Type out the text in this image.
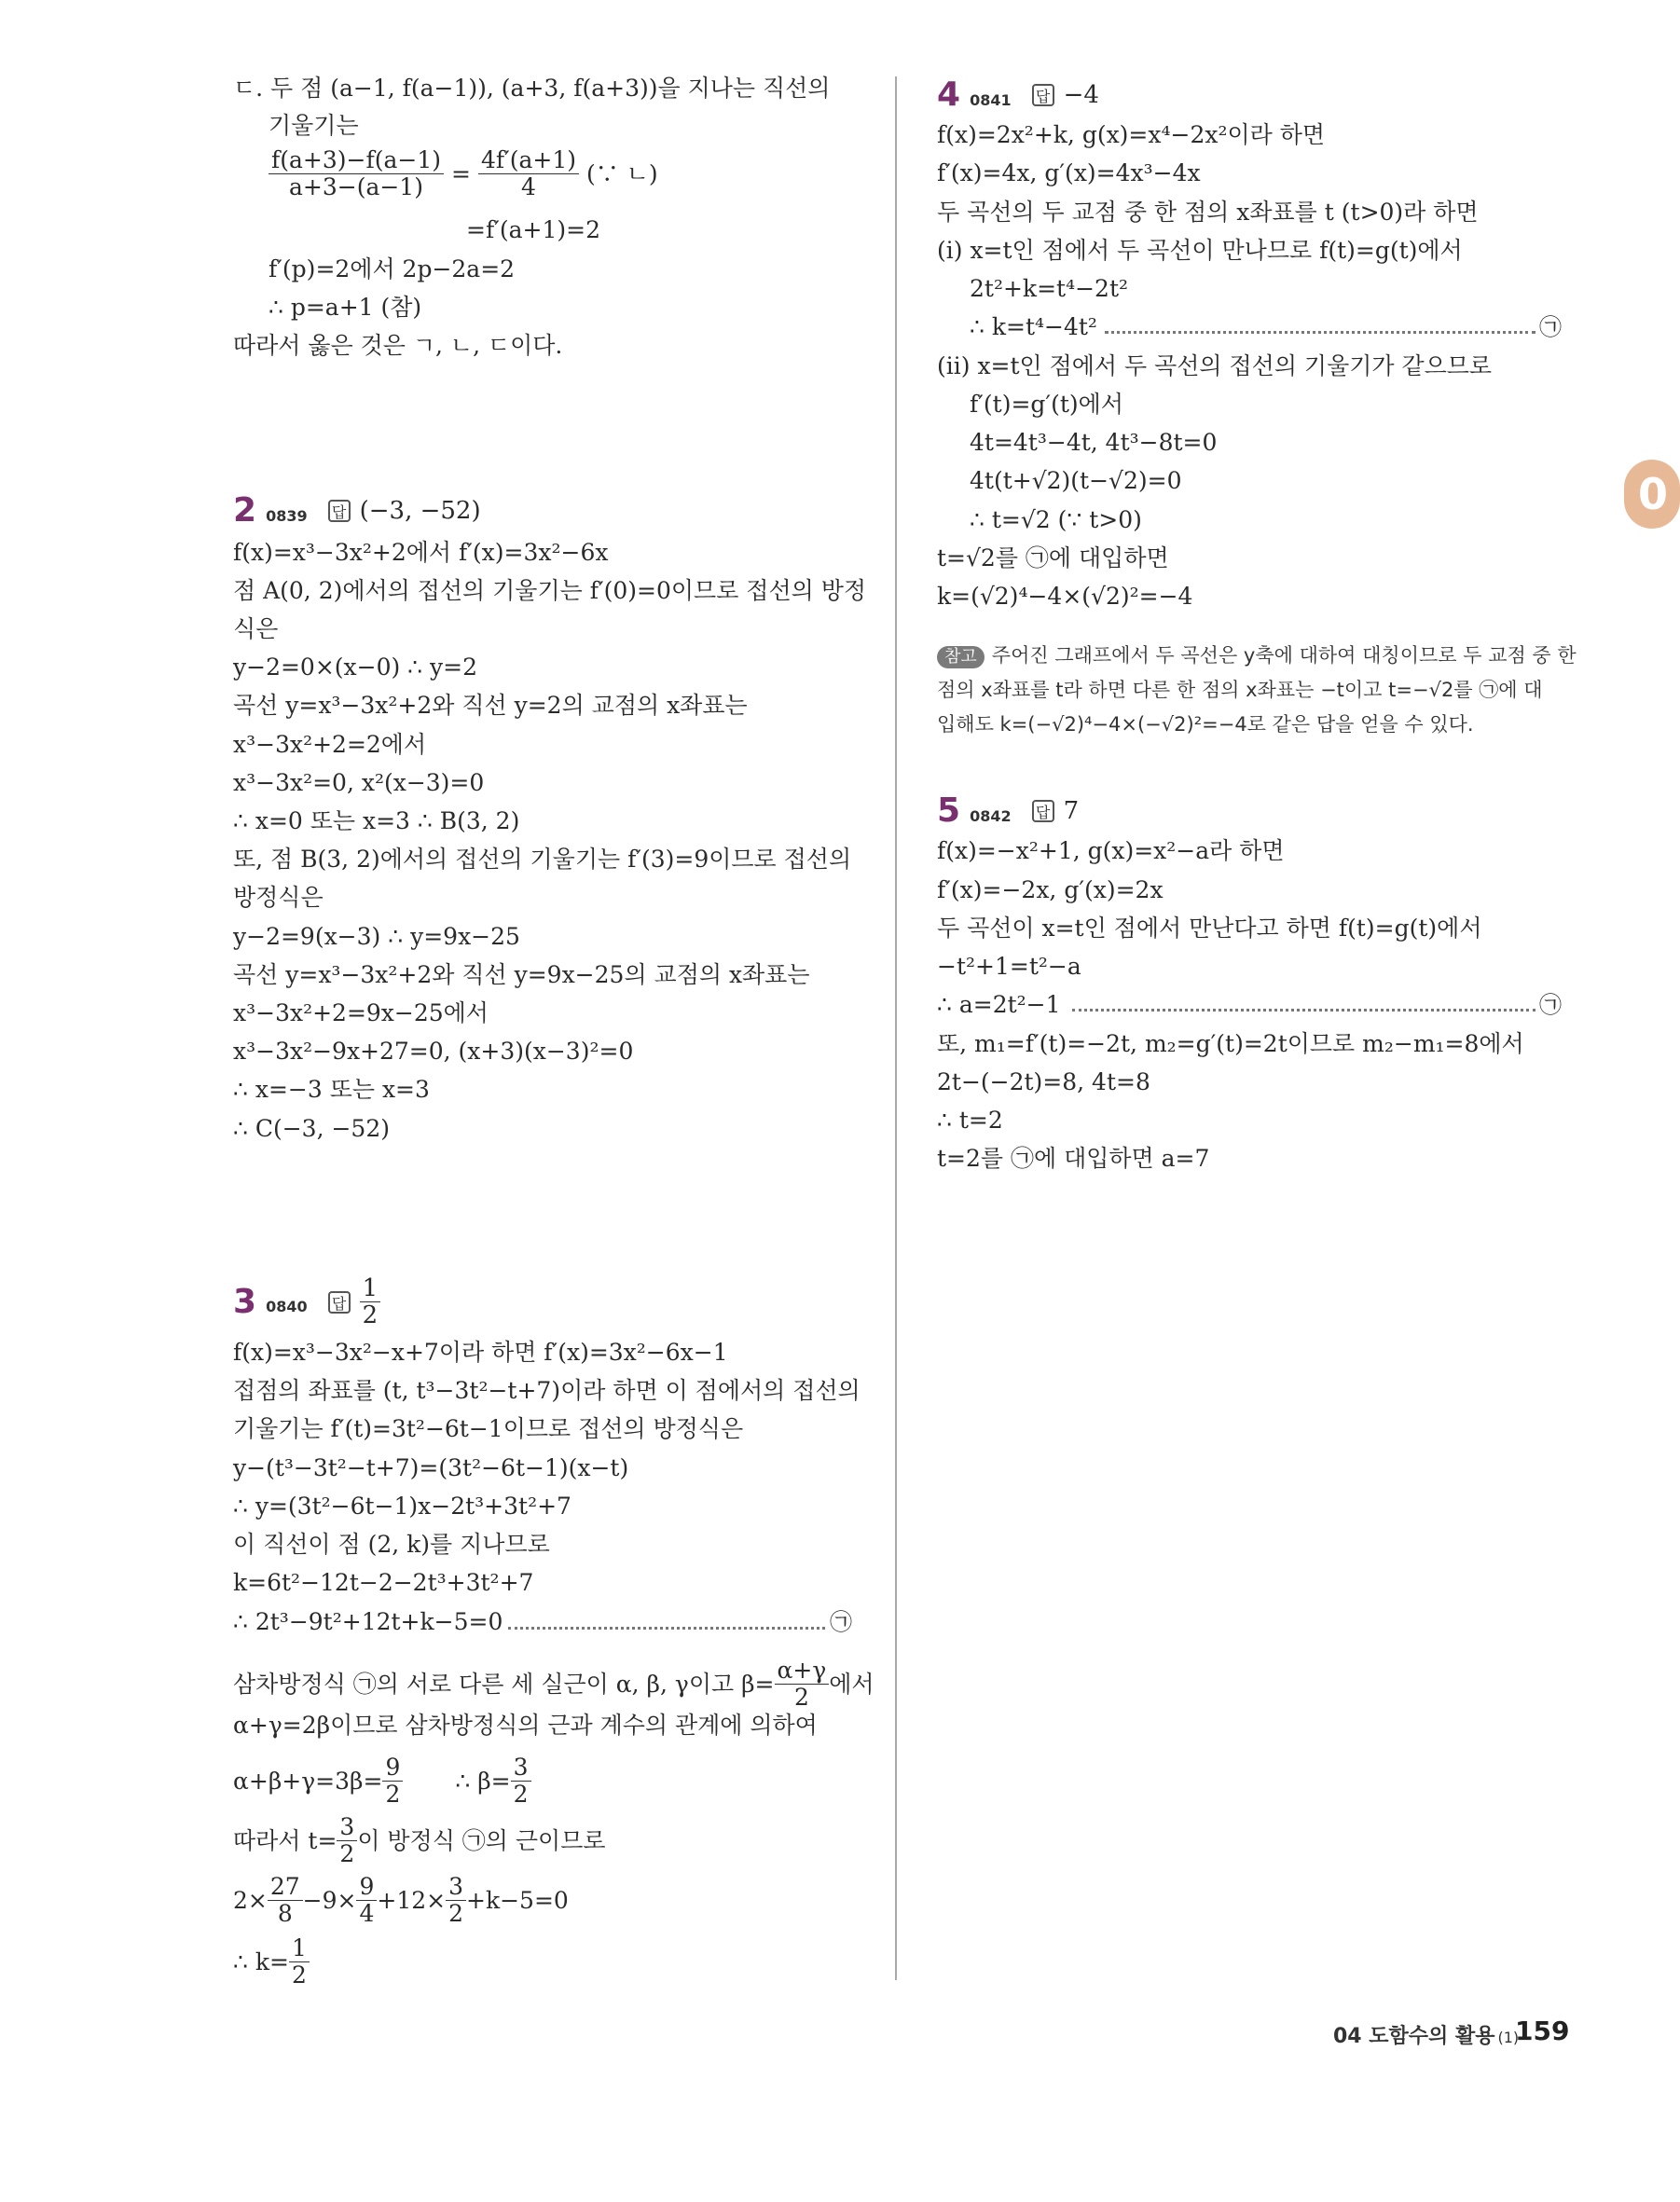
0
ㄷ. 두 점 (a−1, f(a−1)), (a+3, f(a+3))을 지나는 직선의
기울기는
$\frac{f(a+3)-f(a-1)}{a+3-(a-1)} = \frac{4f'(a+1)}{4}$ (∵ ㄴ)
=f′(a+1)=2
f′(p)=2에서 2p−2a=2
∴ p=a+1 (참)
따라서 옳은 것은 ㄱ, ㄴ, ㄷ이다.
2 0839 답 (−3, −52)
f(x)=x³−3x²+2에서 f′(x)=3x²−6x
점 A(0, 2)에서의 접선의 기울기는 f′(0)=0이므로 접선의 방정
식은
y−2=0×(x−0) ∴ y=2
곡선 y=x³−3x²+2와 직선 y=2의 교점의 x좌표는
x³−3x²+2=2에서
x³−3x²=0, x²(x−3)=0
∴ x=0 또는 x=3 ∴ B(3, 2)
또, 점 B(3, 2)에서의 접선의 기울기는 f′(3)=9이므로 접선의
방정식은
y−2=9(x−3) ∴ y=9x−25
곡선 y=x³−3x²+2와 직선 y=9x−25의 교점의 x좌표는
x³−3x²+2=9x−25에서
x³−3x²−9x+27=0, (x+3)(x−3)²=0
∴ x=−3 또는 x=3
∴ C(−3, −52)
3 0840 답 $\frac{1}{2}$
f(x)=x³−3x²−x+7이라 하면 f′(x)=3x²−6x−1
접점의 좌표를 (t, t³−3t²−t+7)이라 하면 이 점에서의 접선의
기울기는 f′(t)=3t²−6t−1이므로 접선의 방정식은
y−(t³−3t²−t+7)=(3t²−6t−1)(x−t)
∴ y=(3t²−6t−1)x−2t³+3t²+7
이 직선이 점 (2, k)를 지나므로
k=6t²−12t−2−2t³+3t²+7
∴ 2t³−9t²+12t+k−5=0	㉠
삼차방정식 ㉠의 서로 다른 세 실근이 α, β, γ이고 $\beta= \frac{\alpha+\gamma}{2}$ 에서
α+γ=2β이므로 삼차방정식의 근과 계수의 관계에 의하여
$\alpha+\beta+\gamma=3\beta= \frac{9}{2}$ ∴ $\beta= \frac{3}{2}$
따라서 $t= \frac{3}{2}$ 이 방정식 ㉠의 근이므로
$2\times \frac{27}{8} -9\times \frac{9}{4} +12\times \frac{3}{2} +k-5=0$
∴ $k= \frac{1}{2}$
4 0841 답 −4
f(x)=2x²+k, g(x)=x⁴−2x²이라 하면
f′(x)=4x, g′(x)=4x³−4x
두 곡선의 두 교점 중 한 점의 x좌표를 t (t>0)라 하면
(ⅰ) x=t인 점에서 두 곡선이 만나므로 f(t)=g(t)에서
2t²+k=t⁴−2t²
∴ k=t⁴−4t²	㉠
(ⅱ) x=t인 점에서 두 곡선의 접선의 기울기가 같으므로
f′(t)=g′(t)에서
4t=4t³−4t, 4t³−8t=0
4t(t+√2)(t−√2)=0
∴ t=√2 (∵ t>0)
t=√2를 ㉠에 대입하면
k=(√2)⁴−4×(√2)²=−4
참고 주어진 그래프에서 두 곡선은 y축에 대하여 대칭이므로 두 교점 중 한
점의 x좌표를 t라 하면 다른 한 점의 x좌표는 −t이고 t=−√2를 ㉠에 대
입해도 k=(−√2)⁴−4×(−√2)²=−4로 같은 답을 얻을 수 있다.
5 0842 답 7
f(x)=−x²+1, g(x)=x²−a라 하면
f′(x)=−2x, g′(x)=2x
두 곡선이 x=t인 점에서 만난다고 하면 f(t)=g(t)에서
−t²+1=t²−a
∴ a=2t²−1	㉠
또, m₁=f′(t)=−2t, m₂=g′(t)=2t이므로 m₂−m₁=8에서
2t−(−2t)=8, 4t=8
∴ t=2
t=2를 ㉠에 대입하면 a=7
04 도함수의 활용 (1)
159
